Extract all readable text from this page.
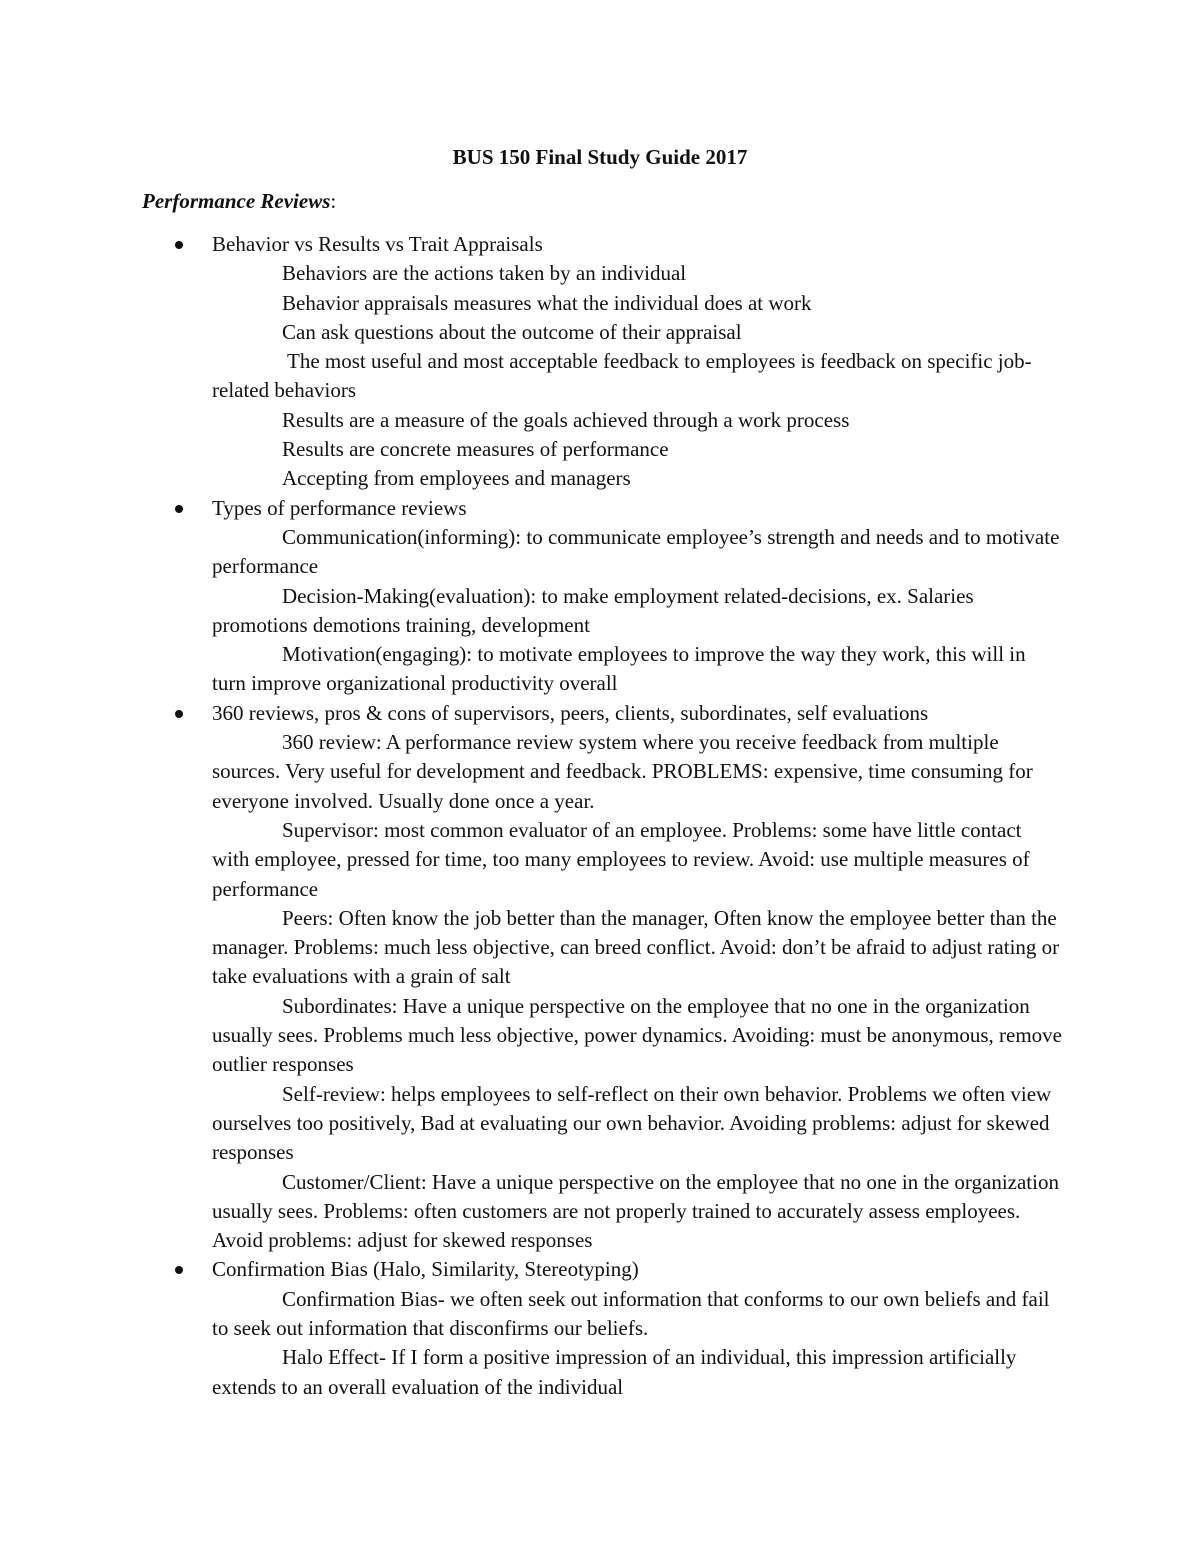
BUS 150 Final Study Guide 2017
Performance Reviews:
Behavior vs Results vs Trait Appraisals
Behaviors are the actions taken by an individual
Behavior appraisals measures what the individual does at work
Can ask questions about the outcome of their appraisal
The most useful and most acceptable feedback to employees is feedback on specific job-related behaviors
Results are a measure of the goals achieved through a work process
Results are concrete measures of performance
Accepting from employees and managers
Types of performance reviews
Communication(informing): to communicate employee’s strength and needs and to motivate performance
Decision-Making(evaluation): to make employment related-decisions, ex. Salaries promotions demotions training, development
Motivation(engaging): to motivate employees to improve the way they work, this will in turn improve organizational productivity overall
360 reviews, pros & cons of supervisors, peers, clients, subordinates, self evaluations
360 review: A performance review system where you receive feedback from multiple sources. Very useful for development and feedback. PROBLEMS: expensive, time consuming for everyone involved. Usually done once a year.
Supervisor: most common evaluator of an employee. Problems: some have little contact with employee, pressed for time, too many employees to review. Avoid: use multiple measures of performance
Peers: Often know the job better than the manager, Often know the employee better than the manager. Problems: much less objective, can breed conflict. Avoid: don’t be afraid to adjust rating or take evaluations with a grain of salt
Subordinates: Have a unique perspective on the employee that no one in the organization usually sees. Problems much less objective, power dynamics. Avoiding: must be anonymous, remove outlier responses
Self-review: helps employees to self-reflect on their own behavior. Problems we often view ourselves too positively, Bad at evaluating our own behavior. Avoiding problems: adjust for skewed responses
Customer/Client: Have a unique perspective on the employee that no one in the organization usually sees. Problems: often customers are not properly trained to accurately assess employees. Avoid problems: adjust for skewed responses
Confirmation Bias (Halo, Similarity, Stereotyping)
Confirmation Bias- we often seek out information that conforms to our own beliefs and fail to seek out information that disconfirms our beliefs.
Halo Effect- If I form a positive impression of an individual, this impression artificially extends to an overall evaluation of the individual
